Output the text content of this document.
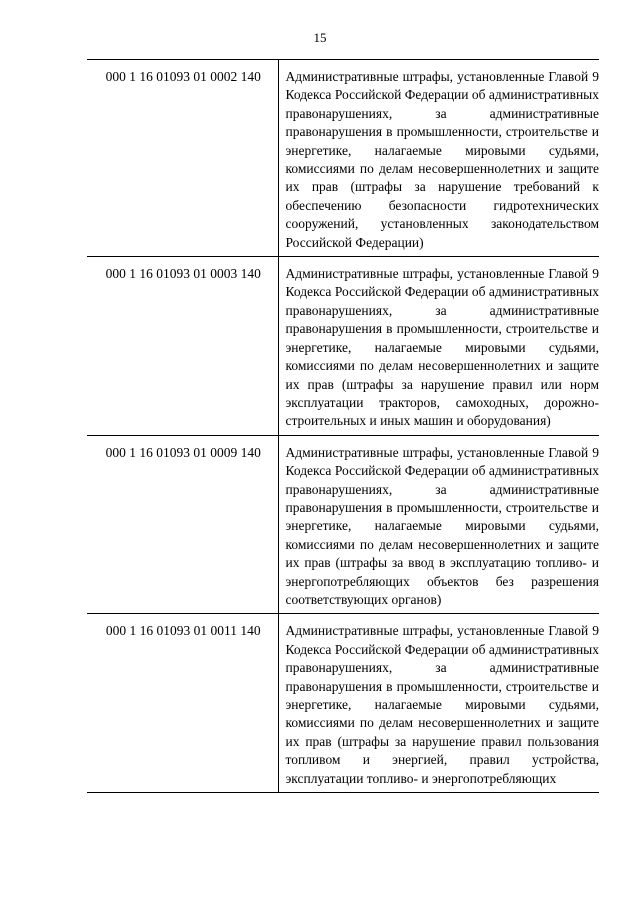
15
000 1 16 01093 01 0002 140	Административные штрафы, установленные Главой 9 Кодекса Российской Федерации об административных правонарушениях, за административные правонарушения в промышленности, строительстве и энергетике, налагаемые мировыми судьями, комиссиями по делам несовершеннолетних и защите их прав (штрафы за нарушение требований к обеспечению безопасности гидротехнических сооружений, установленных законодательством Российской Федерации)
000 1 16 01093 01 0003 140	Административные штрафы, установленные Главой 9 Кодекса Российской Федерации об административных правонарушениях, за административные правонарушения в промышленности, строительстве и энергетике, налагаемые мировыми судьями, комиссиями по делам несовершеннолетних и защите их прав (штрафы за нарушение правил или норм эксплуатации тракторов, самоходных, дорожно-строительных и иных машин и оборудования)
000 1 16 01093 01 0009 140	Административные штрафы, установленные Главой 9 Кодекса Российской Федерации об административных правонарушениях, за административные правонарушения в промышленности, строительстве и энергетике, налагаемые мировыми судьями, комиссиями по делам несовершеннолетних и защите их прав (штрафы за ввод в эксплуатацию топливо- и энергопотребляющих объектов без разрешения соответствующих органов)
000 1 16 01093 01 0011 140	Административные штрафы, установленные Главой 9 Кодекса Российской Федерации об административных правонарушениях, за административные правонарушения в промышленности, строительстве и энергетике, налагаемые мировыми судьями, комиссиями по делам несовершеннолетних и защите их прав (штрафы за нарушение правил пользования топливом и энергией, правил устройства, эксплуатации топливо- и энергопотребляющих
